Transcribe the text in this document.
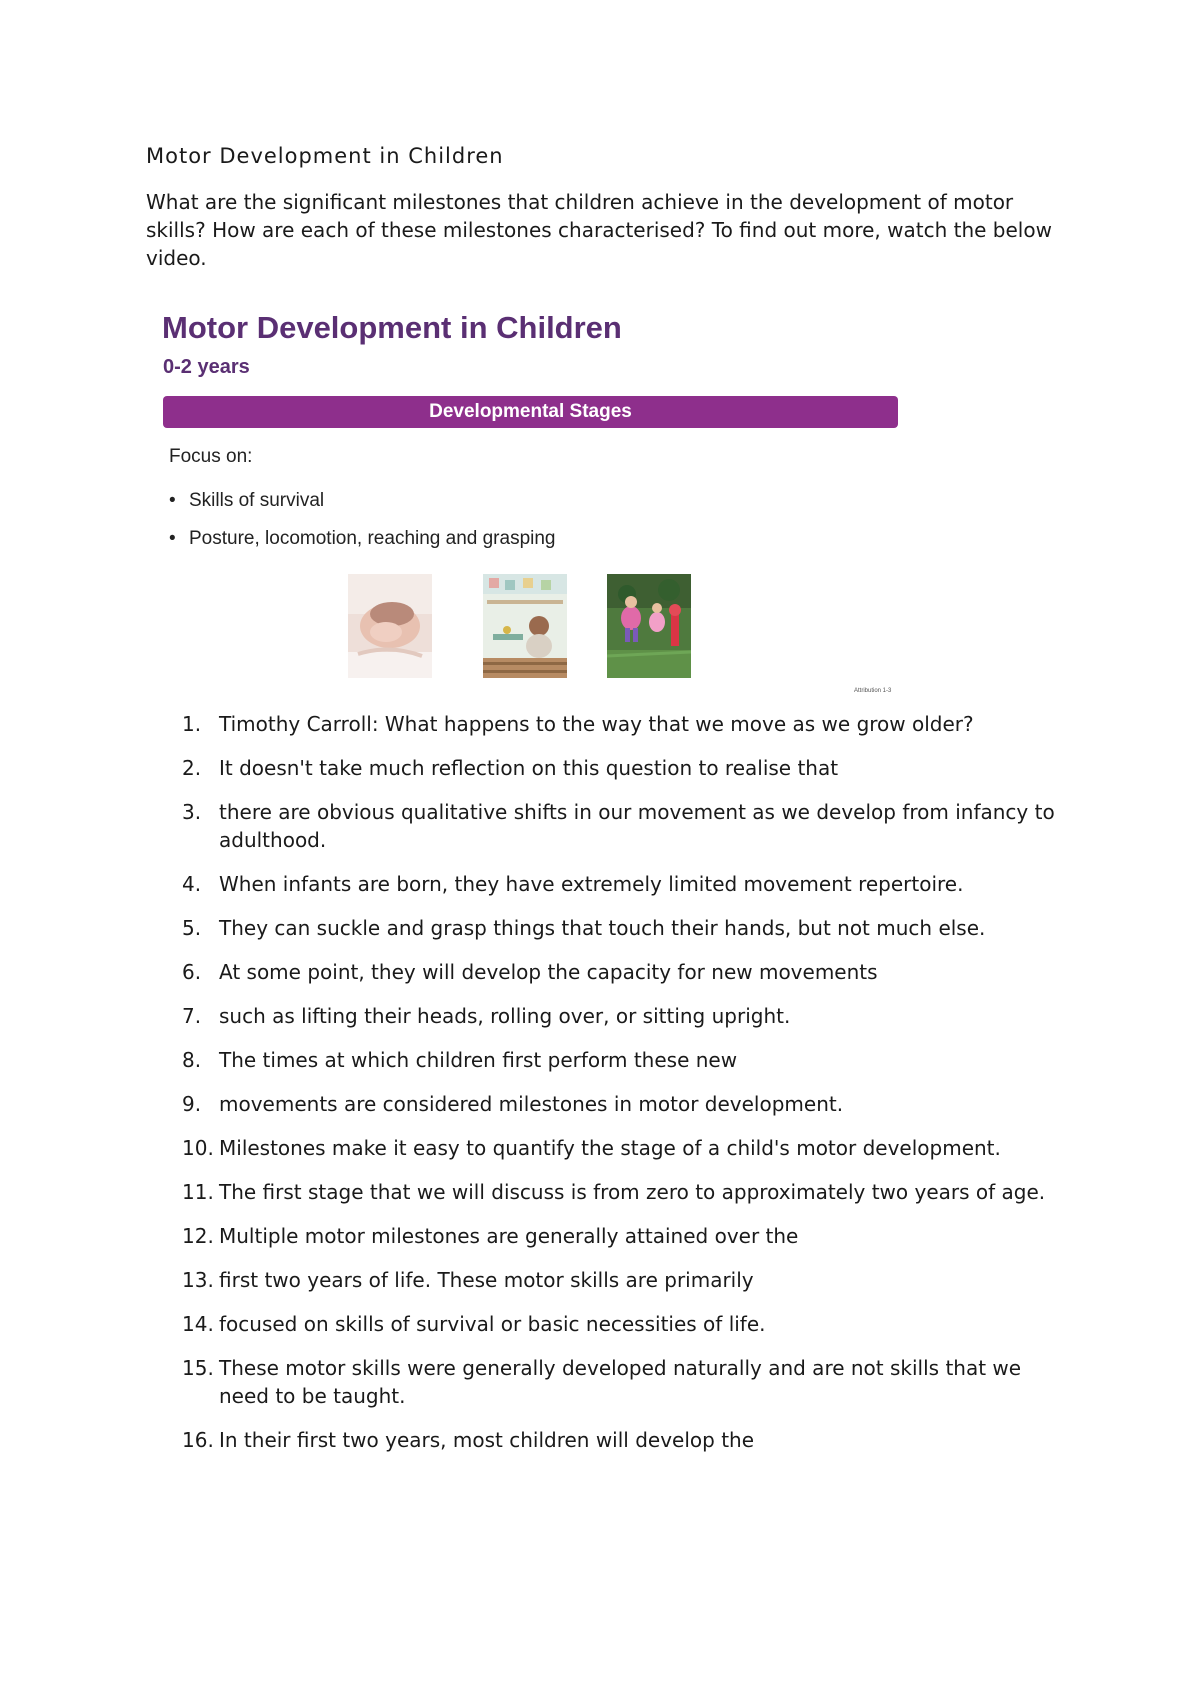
Motor Development in Children

What are the significant milestones that children achieve in the development of motor skills? How are each of these milestones characterised? To find out more, watch the below video.

Motor Development in Children
0-2 years
Developmental Stages

Focus on:

• Skills of survival
• Posture, locomotion, reaching and grasping
Attribution 1-3
1. Timothy Carroll: What happens to the way that we move as we grow older?
2. It doesn't take much reflection on this question to realise that
3. there are obvious qualitative shifts in our movement as we develop from infancy to adulthood.
4. When infants are born, they have extremely limited movement repertoire.
5. They can suckle and grasp things that touch their hands, but not much else.
6. At some point, they will develop the capacity for new movements
7. such as lifting their heads, rolling over, or sitting upright.
8. The times at which children first perform these new
9. movements are considered milestones in motor development.
10. Milestones make it easy to quantify the stage of a child's motor development.
11. The first stage that we will discuss is from zero to approximately two years of age.
12. Multiple motor milestones are generally attained over the
13. first two years of life. These motor skills are primarily
14. focused on skills of survival or basic necessities of life.
15. These motor skills were generally developed naturally and are not skills that we need to be taught.
16. In their first two years, most children will develop the
